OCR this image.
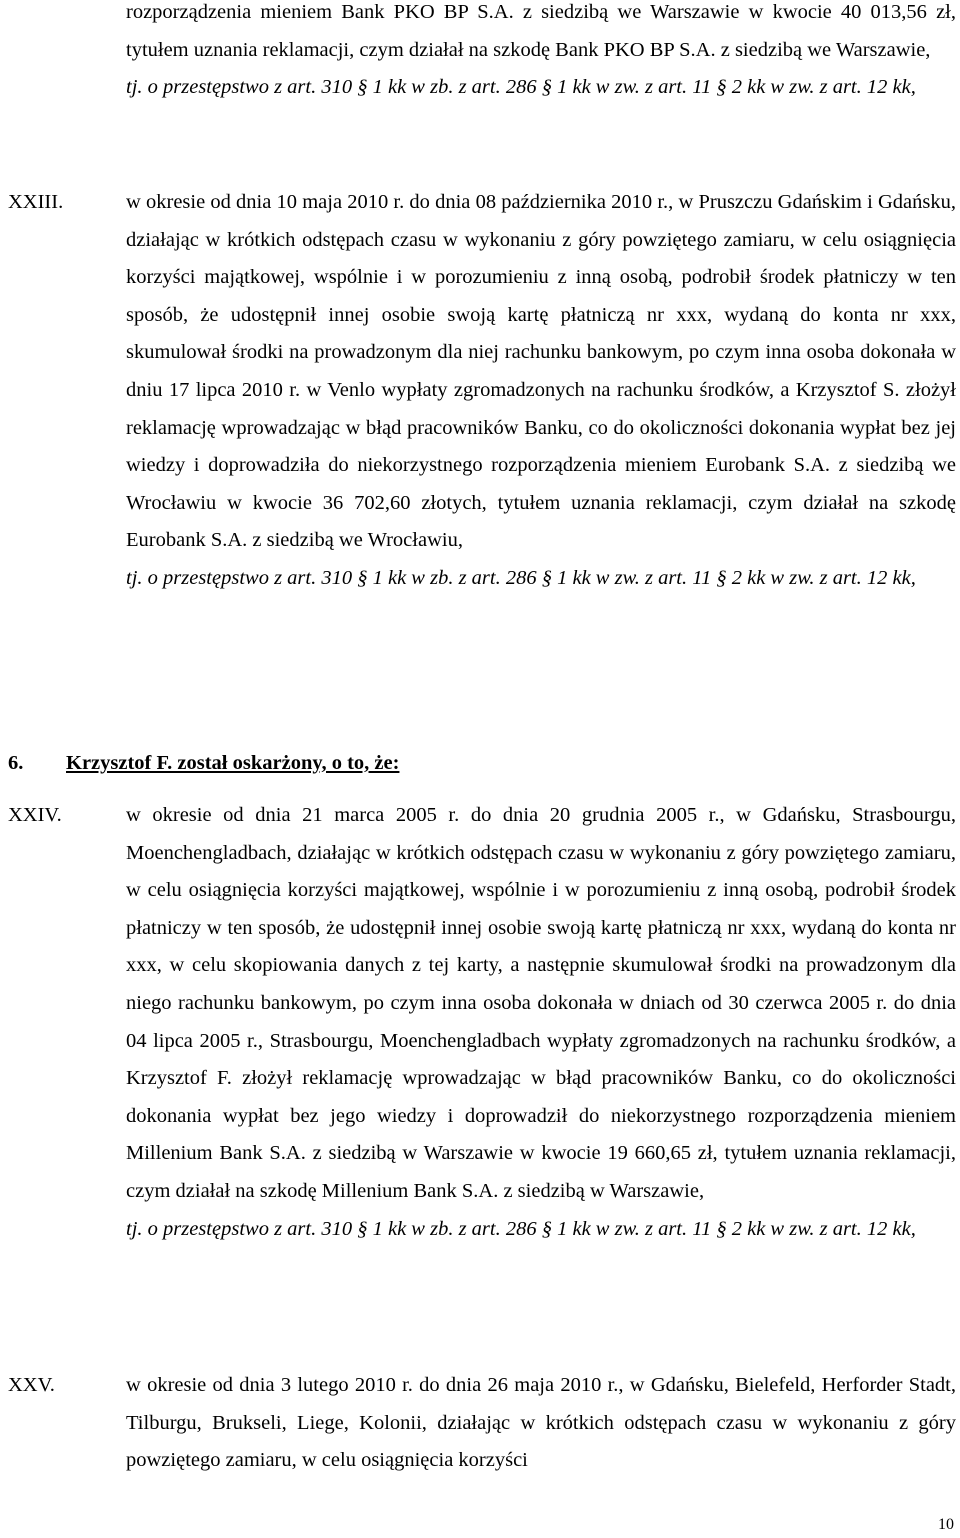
rozporządzenia mieniem Bank PKO BP S.A. z siedzibą we Warszawie w kwocie 40 013,56 zł, tytułem uznania reklamacji, czym działał na szkodę Bank PKO BP S.A. z siedzibą we Warszawie,

tj. o przestępstwo z art. 310 § 1 kk w zb. z art. 286 § 1 kk w zw. z art. 11 § 2 kk w zw. z art. 12 kk,

XXIII.	w okresie od dnia 10 maja 2010 r. do dnia 08 października 2010 r., w Pruszczu Gdańskim i Gdańsku, działając w krótkich odstępach czasu w wykonaniu z góry powziętego zamiaru, w celu osiągnięcia korzyści majątkowej, wspólnie i w porozumieniu z inną osobą, podrobił środek płatniczy w ten sposób, że udostępnił innej osobie swoją kartę płatniczą nr xxx, wydaną do konta nr xxx, skumulował środki na prowadzonym dla niej rachunku bankowym, po czym inna osoba dokonała w dniu 17 lipca 2010 r. w Venlo wypłaty zgromadzonych na rachunku środków, a Krzysztof S. złożył reklamację wprowadzając w błąd pracowników Banku, co do okoliczności dokonania wypłat bez jej wiedzy i doprowadziła do niekorzystnego rozporządzenia mieniem Eurobank S.A. z siedzibą we Wrocławiu w kwocie 36 702,60 złotych, tytułem uznania reklamacji, czym działał na szkodę Eurobank S.A. z siedzibą we Wrocławiu,

tj. o przestępstwo z art. 310 § 1 kk w zb. z art. 286 § 1 kk w zw. z art. 11 § 2 kk w zw. z art. 12 kk,

6. Krzysztof F. został oskarżony, o to, że:
XXIV.	w okresie od dnia 21 marca 2005 r. do dnia 20 grudnia 2005 r., w Gdańsku, Strasbourgu, Moenchengladbach, działając w krótkich odstępach czasu w wykonaniu z góry powziętego zamiaru, w celu osiągnięcia korzyści majątkowej, wspólnie i w porozumieniu z inną osobą, podrobił środek płatniczy w ten sposób, że udostępnił innej osobie swoją kartę płatniczą nr xxx, wydaną do konta nr xxx, w celu skopiowania danych z tej karty, a następnie skumulował środki na prowadzonym dla niego rachunku bankowym, po czym inna osoba dokonała w dniach od 30 czerwca 2005 r. do dnia 04 lipca 2005 r., Strasbourgu, Moenchengladbach wypłaty zgromadzonych na rachunku środków, a Krzysztof F. złożył reklamację wprowadzając w błąd pracowników Banku, co do okoliczności dokonania wypłat bez jego wiedzy i doprowadził do niekorzystnego rozporządzenia mieniem Millenium Bank S.A. z siedzibą w Warszawie w kwocie 19 660,65 zł, tytułem uznania reklamacji, czym działał na szkodę Millenium Bank S.A. z siedzibą w Warszawie,

tj. o przestępstwo z art. 310 § 1 kk w zb. z art. 286 § 1 kk w zw. z art. 11 § 2 kk w zw. z art. 12 kk,

XXV.	w okresie od dnia 3 lutego 2010 r. do dnia 26 maja 2010 r., w Gdańsku, Bielefeld, Herforder Stadt, Tilburgu, Brukseli, Liege, Kolonii, działając w krótkich odstępach czasu w wykonaniu z góry powziętego zamiaru, w celu osiągnięcia korzyści

10
